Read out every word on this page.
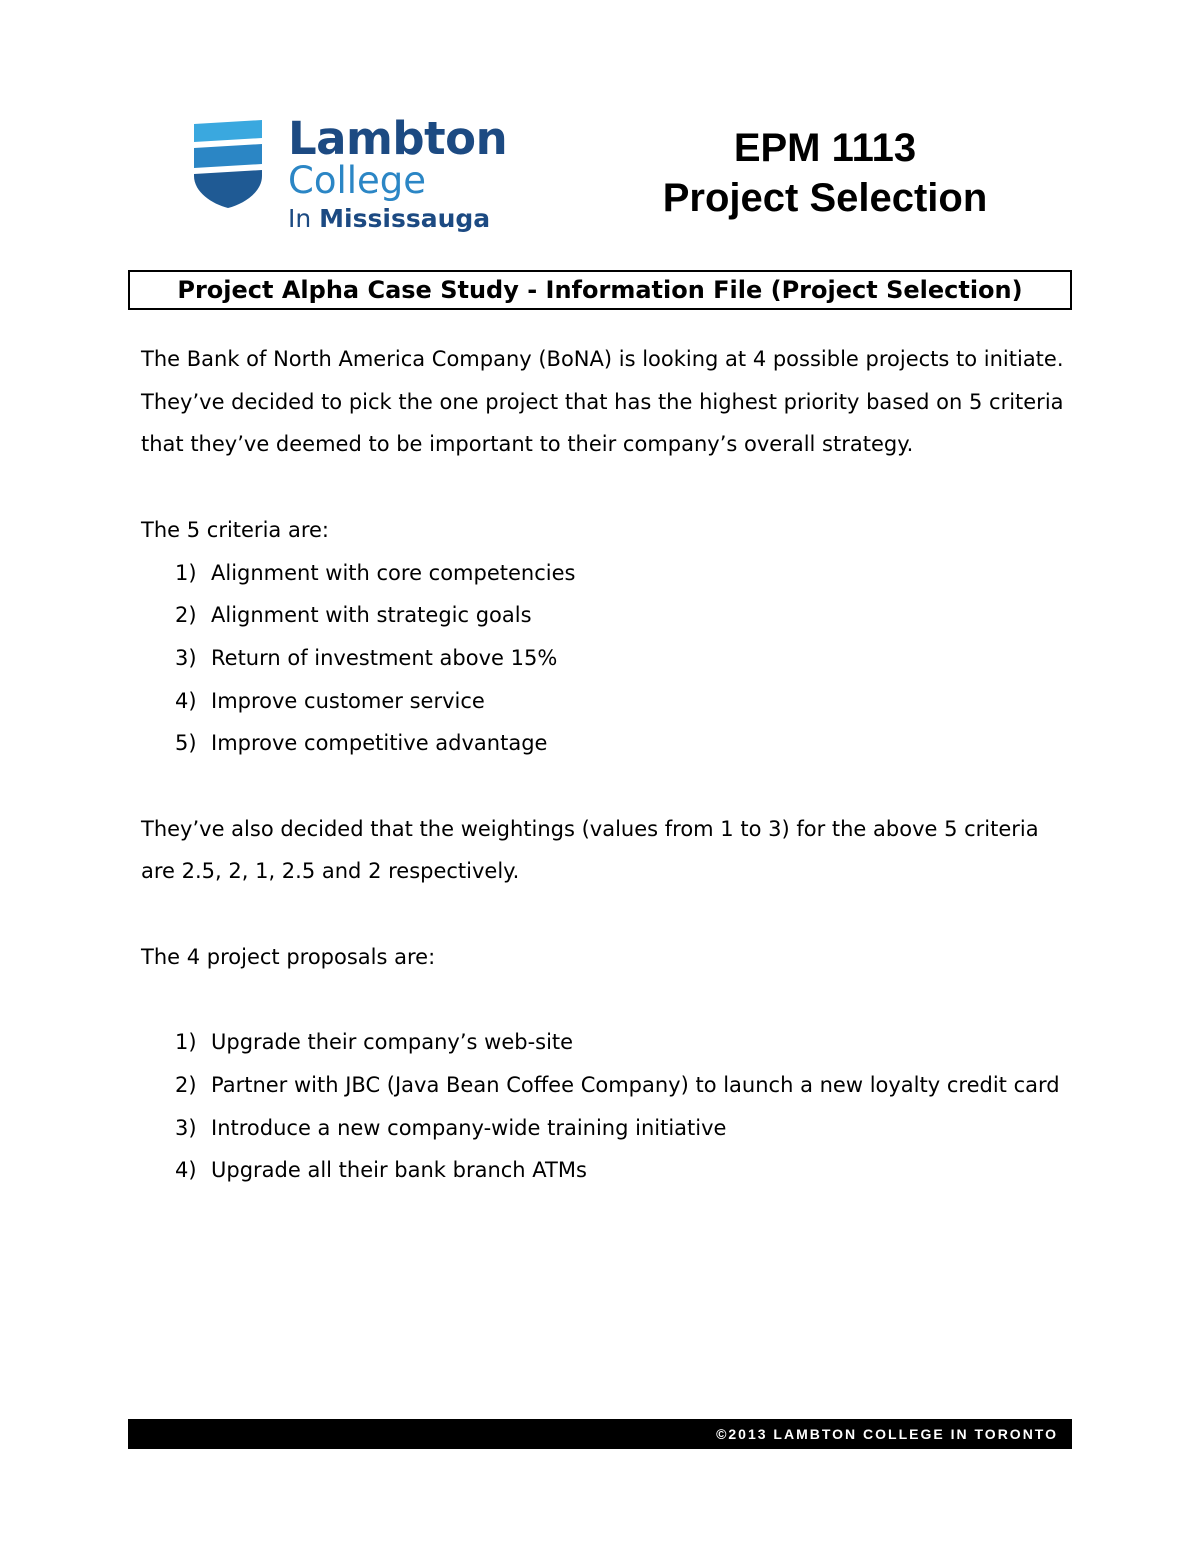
Lambton
College
In Mississauga
EPM 1113
Project Selection
Project Alpha Case Study - Information File (Project Selection)

The Bank of North America Company (BoNA) is looking at 4 possible projects to initiate.

They’ve decided to pick the one project that has the highest priority based on 5 criteria

that they’ve deemed to be important to their company’s overall strategy.

The 5 criteria are:

1) Alignment with core competencies
2) Alignment with strategic goals
3) Return of investment above 15%
4) Improve customer service
5) Improve competitive advantage

They’ve also decided that the weightings (values from 1 to 3) for the above 5 criteria

are 2.5, 2, 1, 2.5 and 2 respectively.

The 4 project proposals are:

1) Upgrade their company’s web-site
2) Partner with JBC (Java Bean Coffee Company) to launch a new loyalty credit card
3) Introduce a new company-wide training initiative
4) Upgrade all their bank branch ATMs
©2013 LAMBTON COLLEGE IN TORONTO
